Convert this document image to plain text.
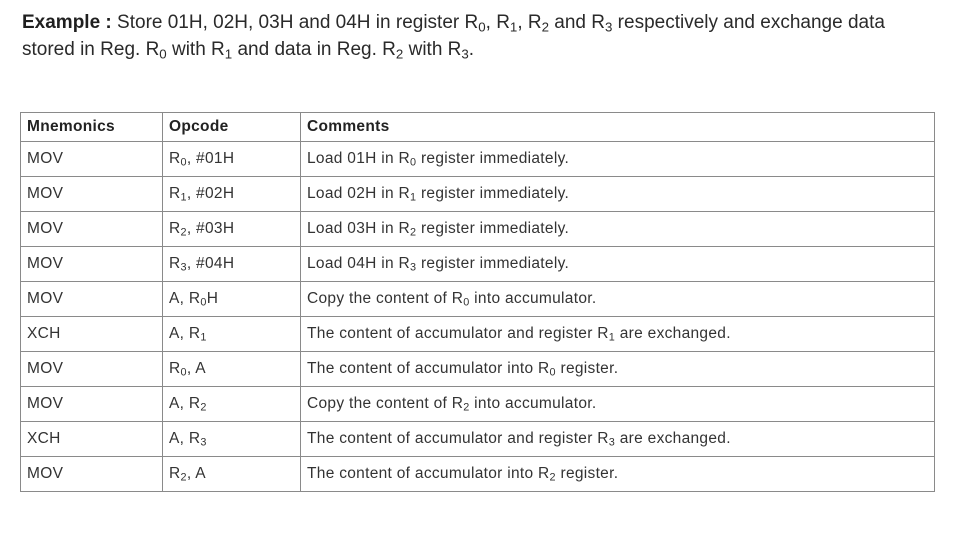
Example : Store 01H, 02H, 03H and 04H in register $R_0$, $R_1$, $R_2$ and $R_3$ respectively and exchange data stored in Reg. $R_0$ with $R_1$ and data in Reg. $R_2$ with $R_3$.
Mnemonics	Opcode	Comments
MOV	$R_0$, #01H	Load 01H in $R_0$ register immediately.
MOV	$R_1$, #02H	Load 02H in $R_1$ register immediately.
MOV	$R_2$, #03H	Load 03H in $R_2$ register immediately.
MOV	$R_3$, #04H	Load 04H in $R_3$ register immediately.
MOV	A, $R_0H$	Copy the content of $R_0$ into accumulator.
XCH	A, $R_1$	The content of accumulator and register $R_1$ are exchanged.
MOV	$R_0$, A	The content of accumulator into $R_0$ register.
MOV	A, $R_2$	Copy the content of $R_2$ into accumulator.
XCH	A, $R_3$	The content of accumulator and register $R_3$ are exchanged.
MOV	$R_2$, A	The content of accumulator into $R_2$ register.
